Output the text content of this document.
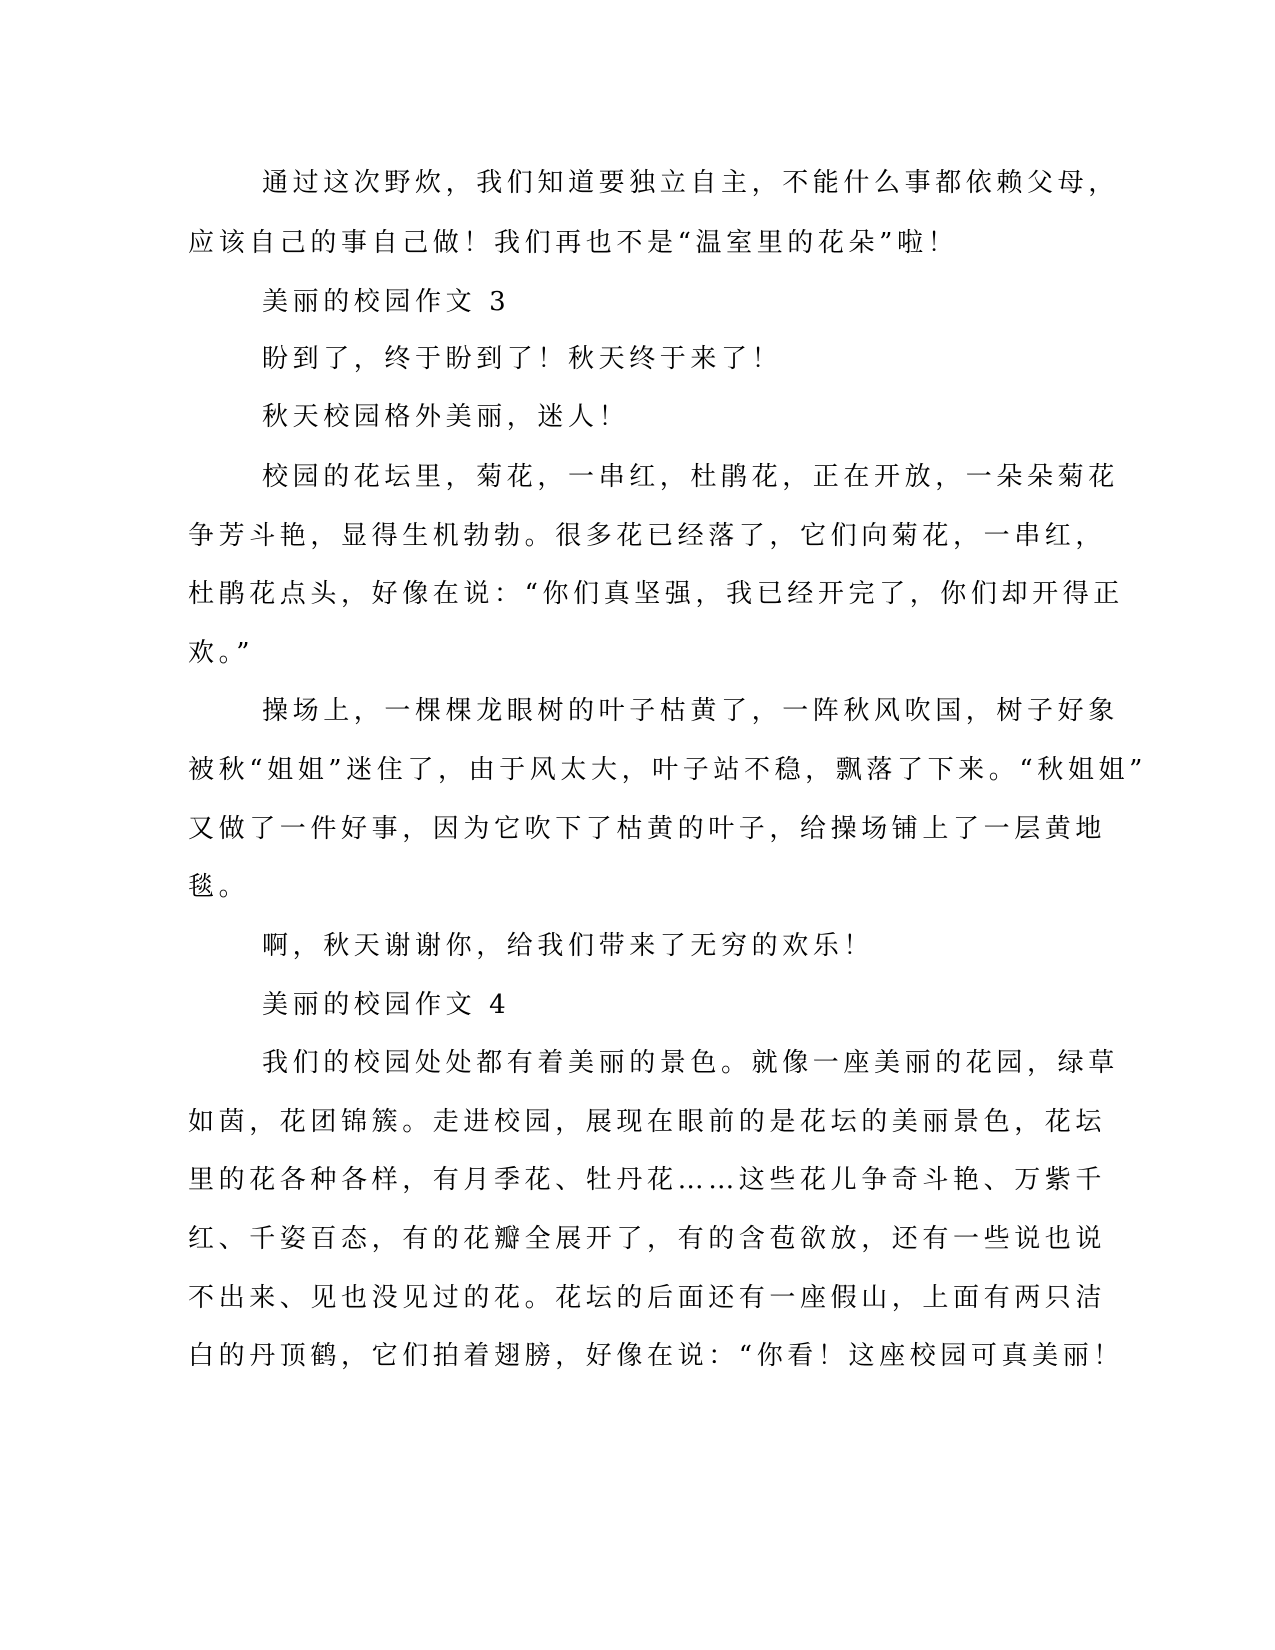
通过这次野炊，我们知道要独立自主，不能什么事都依赖父母，

应该自己的事自己做！我们再也不是“温室里的花朵”啦！

美丽的校园作文 3

盼到了，终于盼到了！秋天终于来了！

秋天校园格外美丽，迷人！

校园的花坛里，菊花，一串红，杜鹃花，正在开放，一朵朵菊花

争芳斗艳，显得生机勃勃。很多花已经落了，它们向菊花，一串红，

杜鹃花点头，好像在说：“你们真坚强，我已经开完了，你们却开得正

欢。”

操场上，一棵棵龙眼树的叶子枯黄了，一阵秋风吹国，树子好象

被秋“姐姐”迷住了，由于风太大，叶子站不稳，飘落了下来。“秋姐姐”

又做了一件好事，因为它吹下了枯黄的叶子，给操场铺上了一层黄地

毯。

啊，秋天谢谢你，给我们带来了无穷的欢乐！

美丽的校园作文 4

我们的校园处处都有着美丽的景色。就像一座美丽的花园，绿草

如茵，花团锦簇。走进校园，展现在眼前的是花坛的美丽景色，花坛

里的花各种各样，有月季花、牡丹花……这些花儿争奇斗艳、万紫千

红、千姿百态，有的花瓣全展开了，有的含苞欲放，还有一些说也说

不出来、见也没见过的花。花坛的后面还有一座假山，上面有两只洁

白的丹顶鹤，它们拍着翅膀，好像在说：“你看！这座校园可真美丽！
